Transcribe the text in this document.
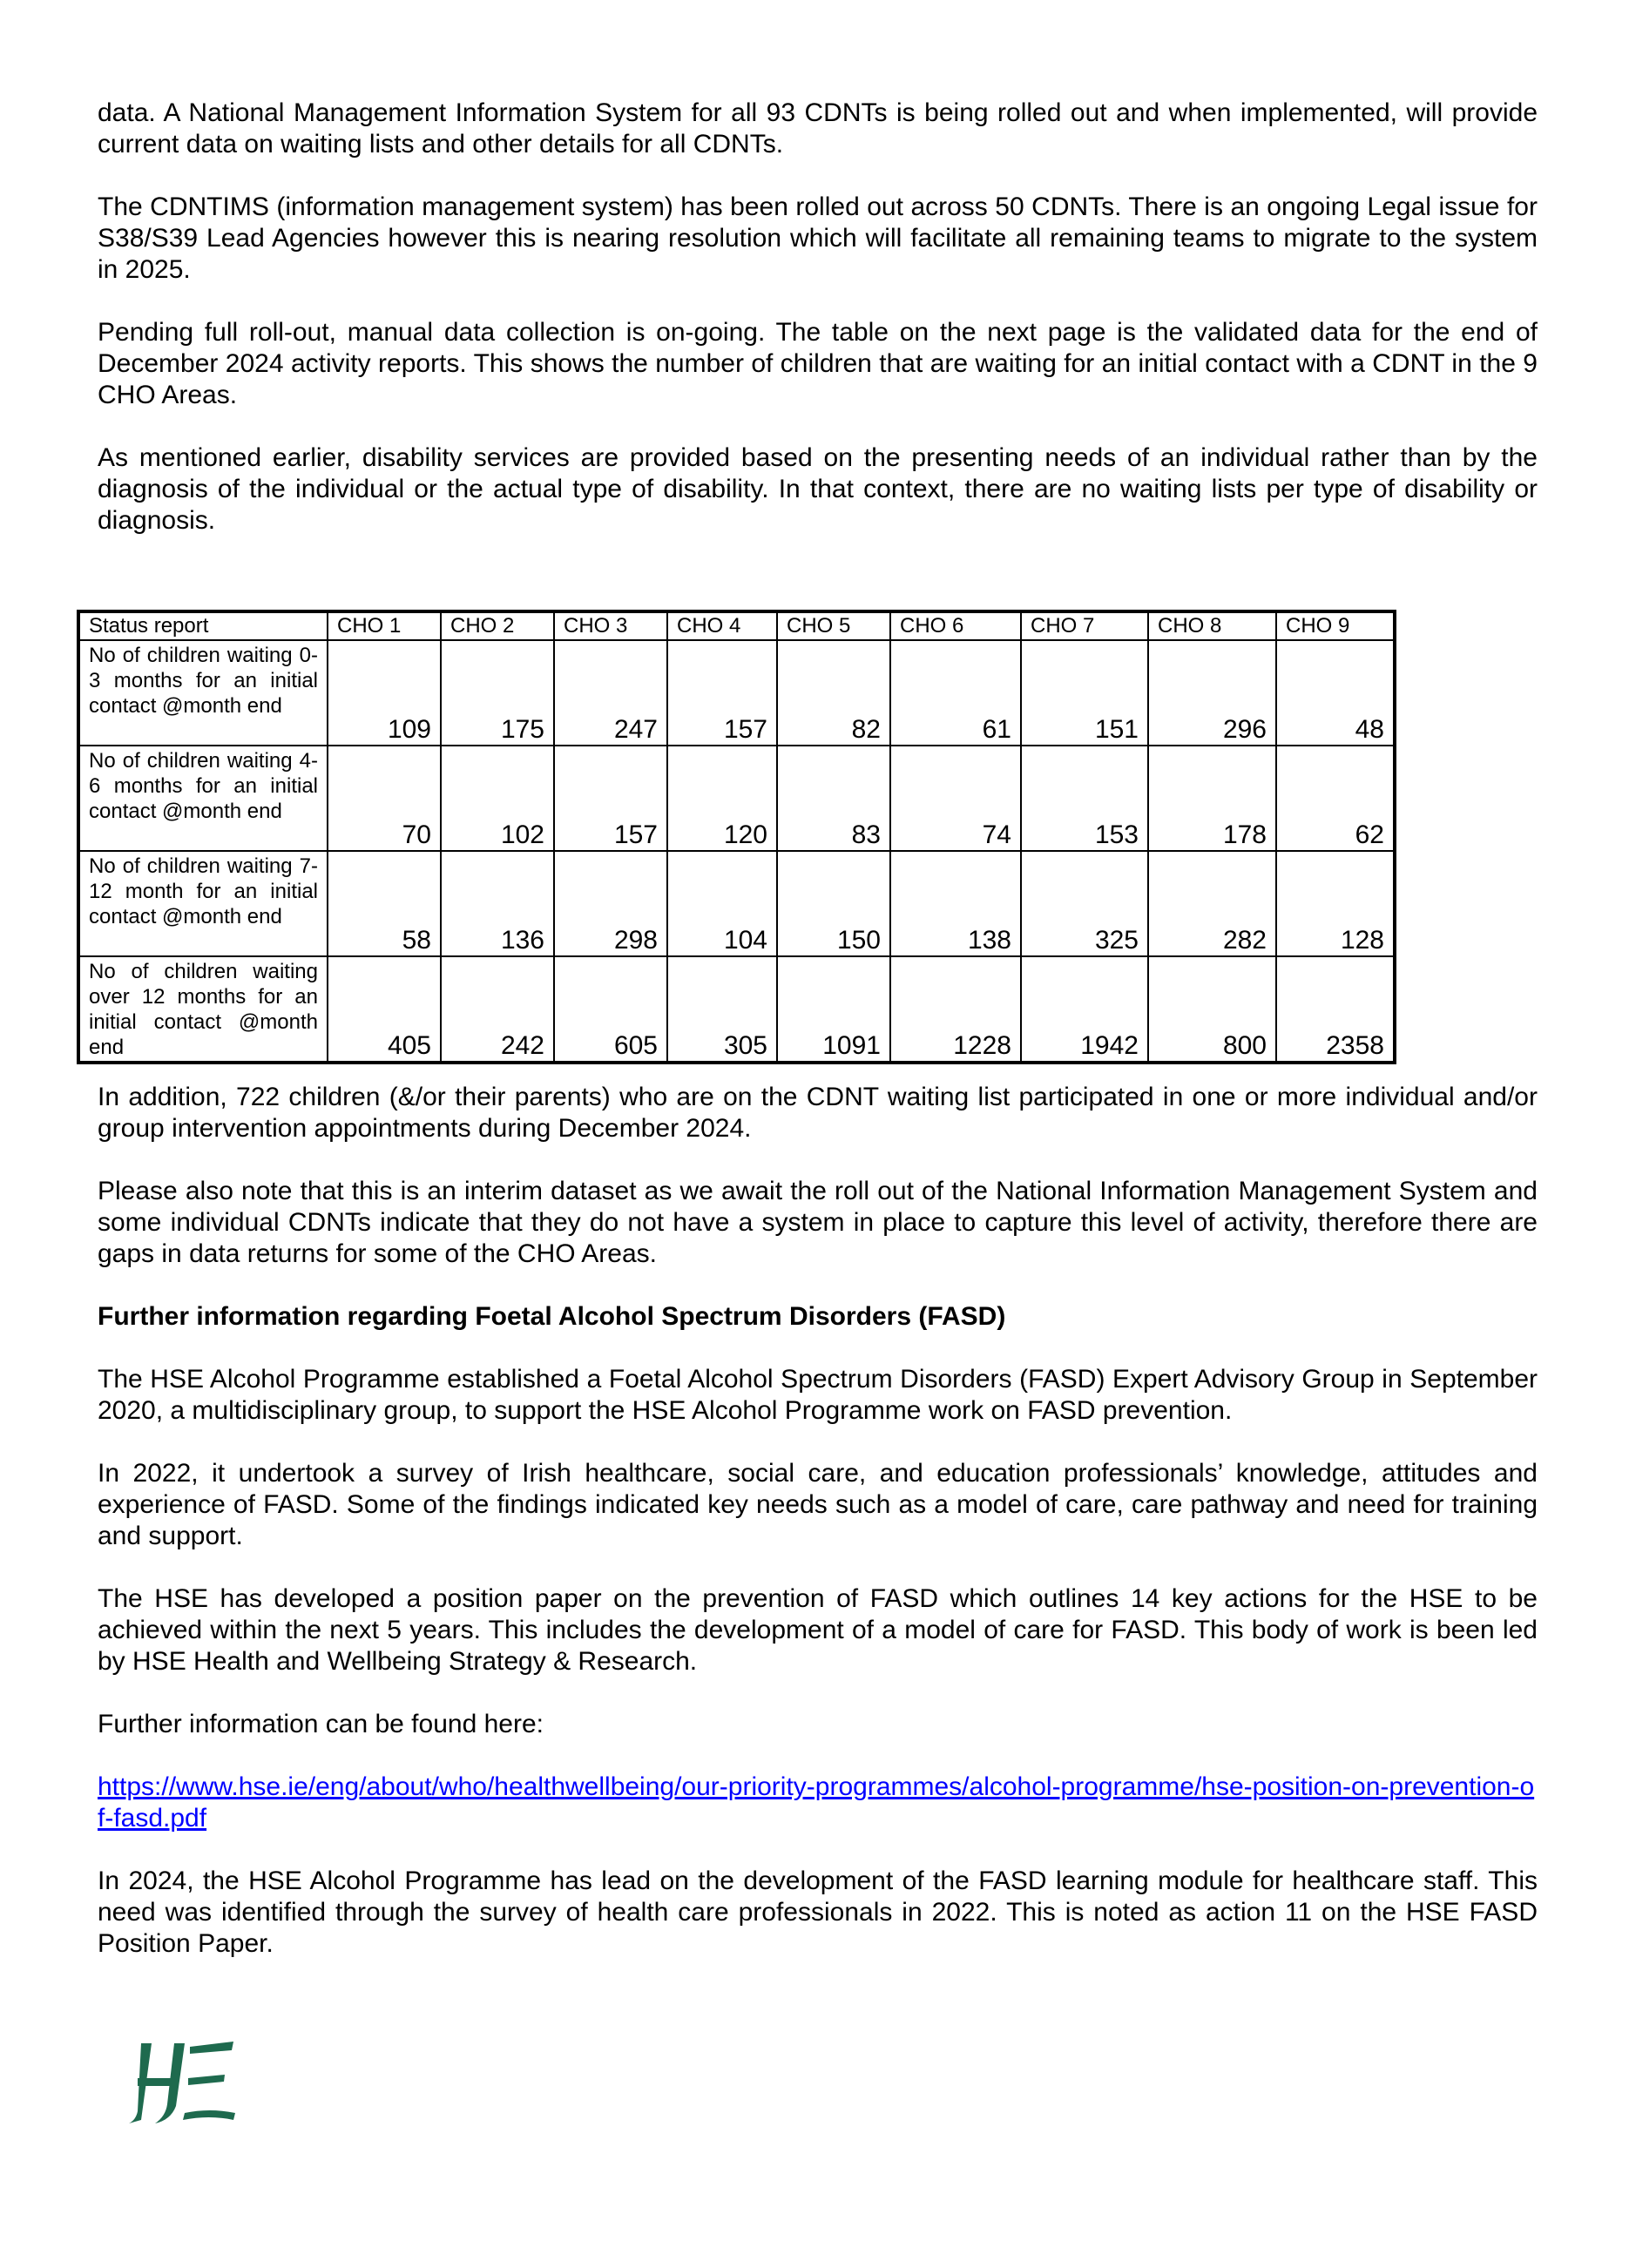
data. A National Management Information System for all 93 CDNTs is being rolled out and when implemented, will provide current data on waiting lists and other details for all CDNTs.

The CDNTIMS (information management system) has been rolled out across 50 CDNTs. There is an ongoing Legal issue for S38/S39 Lead Agencies however this is nearing resolution which will facilitate all remaining teams to migrate to the system in 2025.

Pending full roll-out, manual data collection is on-going. The table on the next page is the validated data for the end of December 2024 activity reports. This shows the number of children that are waiting for an initial contact with a CDNT in the 9 CHO Areas.

As mentioned earlier, disability services are provided based on the presenting needs of an individual rather than by the diagnosis of the individual or the actual type of disability. In that context, there are no waiting lists per type of disability or diagnosis.

In addition, 722 children (&/or their parents) who are on the CDNT waiting list participated in one or more individual and/or group intervention appointments during December 2024.

Please also note that this is an interim dataset as we await the roll out of the National Information Management System and some individual CDNTs indicate that they do not have a system in place to capture this level of activity, therefore there are gaps in data returns for some of the CHO Areas.

Further information regarding Foetal Alcohol Spectrum Disorders (FASD)

The HSE Alcohol Programme established a Foetal Alcohol Spectrum Disorders (FASD) Expert Advisory Group in September 2020, a multidisciplinary group, to support the HSE Alcohol Programme work on FASD prevention.

In 2022, it undertook a survey of Irish healthcare, social care, and education professionals’ knowledge, attitudes and experience of FASD. Some of the findings indicated key needs such as a model of care, care pathway and need for training and support.

The HSE has developed a position paper on the prevention of FASD which outlines 14 key actions for the HSE to be achieved within the next 5 years. This includes the development of a model of care for FASD. This body of work is been led by HSE Health and Wellbeing Strategy & Research.

Further information can be found here:

https://www.hse.ie/eng/about/who/healthwellbeing/our-priority-programmes/alcohol-programme/hse-position-on-prevention-of-fasd.pdf

In 2024, the HSE Alcohol Programme has lead on the development of the FASD learning module for healthcare staff. This need was identified through the survey of health care professionals in 2022. This is noted as action 11 on the HSE FASD Position Paper.

Status report	CHO 1	CHO 2	CHO 3	CHO 4	CHO 5	CHO 6	CHO 7	CHO 8	CHO 9
No of children waiting 0-3 months for an initial contact @month end	109	175	247	157	82	61	151	296	48
No of children waiting 4-6 months for an initial contact @month end	70	102	157	120	83	74	153	178	62
No of children waiting 7-12 month for an initial contact @month end	58	136	298	104	150	138	325	282	128
No of children waiting over 12 months for an initial contact @month end	405	242	605	305	1091	1228	1942	800	2358
